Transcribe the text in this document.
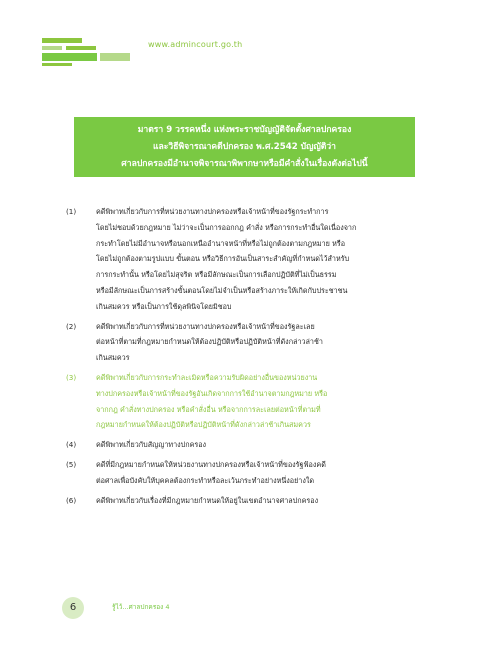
www.admincourt.go.th
มาตรา 9 วรรคหนึ่ง แห่งพระราชบัญญัติจัดตั้งศาลปกครอง
และวิธีพิจารณาคดีปกครอง พ.ศ.2542 บัญญัติว่า
ศาลปกครองมีอำนาจพิจารณาพิพากษาหรือมีคำสั่งในเรื่องดังต่อไปนี้
(1)	คดีพิพาทเกี่ยวกับการที่หน่วยงานทางปกครองหรือเจ้าหน้าที่ของรัฐกระทำการ
โดยไม่ชอบด้วยกฎหมาย ไม่ว่าจะเป็นการออกกฎ คำสั่ง หรือการกระทำอื่นใดเนื่องจาก
กระทำโดยไม่มีอำนาจหรือนอกเหนืออำนาจหน้าที่หรือไม่ถูกต้องตามกฎหมาย หรือ
โดยไม่ถูกต้องตามรูปแบบ ขั้นตอน หรือวิธีการอันเป็นสาระสำคัญที่กำหนดไว้สำหรับ
การกระทำนั้น หรือโดยไม่สุจริต หรือมีลักษณะเป็นการเลือกปฏิบัติที่ไม่เป็นธรรม
หรือมีลักษณะเป็นการสร้างขั้นตอนโดยไม่จำเป็นหรือสร้างภาระให้เกิดกับประชาชน
เกินสมควร หรือเป็นการใช้ดุลพินิจโดยมิชอบ
(2)	คดีพิพาทเกี่ยวกับการที่หน่วยงานทางปกครองหรือเจ้าหน้าที่ของรัฐละเลย
ต่อหน้าที่ตามที่กฎหมายกำหนดให้ต้องปฏิบัติหรือปฏิบัติหน้าที่ดังกล่าวล่าช้า
เกินสมควร
(3)	คดีพิพาทเกี่ยวกับการกระทำละเมิดหรือความรับผิดอย่างอื่นของหน่วยงาน
ทางปกครองหรือเจ้าหน้าที่ของรัฐอันเกิดจากการใช้อำนาจตามกฎหมาย หรือ
จากกฎ คำสั่งทางปกครอง หรือคำสั่งอื่น หรือจากการละเลยต่อหน้าที่ตามที่
กฎหมายกำหนดให้ต้องปฏิบัติหรือปฏิบัติหน้าที่ดังกล่าวล่าช้าเกินสมควร
(4)	คดีพิพาทเกี่ยวกับสัญญาทางปกครอง
(5)	คดีที่มีกฎหมายกำหนดให้หน่วยงานทางปกครองหรือเจ้าหน้าที่ของรัฐฟ้องคดี
ต่อศาลเพื่อบังคับให้บุคคลต้องกระทำหรือละเว้นกระทำอย่างหนึ่งอย่างใด
(6)	คดีพิพาทเกี่ยวกับเรื่องที่มีกฎหมายกำหนดให้อยู่ในเขตอำนาจศาลปกครอง
6	รู้ไว้...ศาลปกครอง 4
